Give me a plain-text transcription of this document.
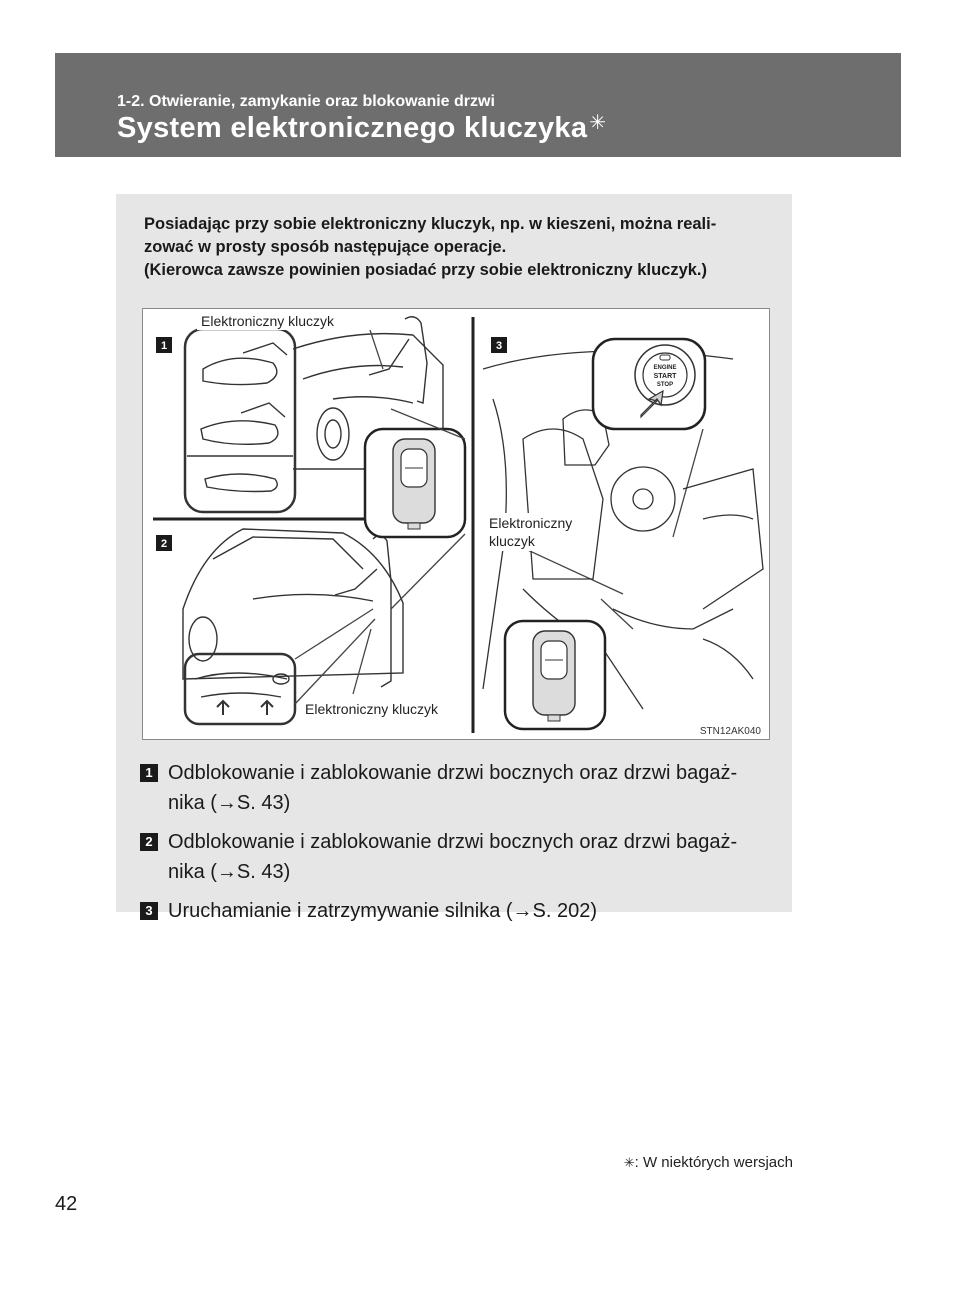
1-2. Otwieranie, zamykanie oraz blokowanie drzwi
System elektronicznego kluczyka ✳
Posiadając przy sobie elektroniczny kluczyk, np. w kieszeni, można reali-
zować w prosty sposób następujące operacje.
(Kierowca zawsze powinien posiadać przy sobie elektroniczny kluczyk.)
1
2
3
ENGINE
START
STOP
Elektroniczny kluczyk
Elektroniczny kluczyk
Elektroniczny
kluczyk
STN12AK040
1 Odblokowanie i zablokowanie drzwi bocznych oraz drzwi bagaż-
nika (→S. 43)
2 Odblokowanie i zablokowanie drzwi bocznych oraz drzwi bagaż-
nika (→S. 43)
3 Uruchamianie i zatrzymywanie silnika (→S. 202)
✳: W niektórych wersjach
42
